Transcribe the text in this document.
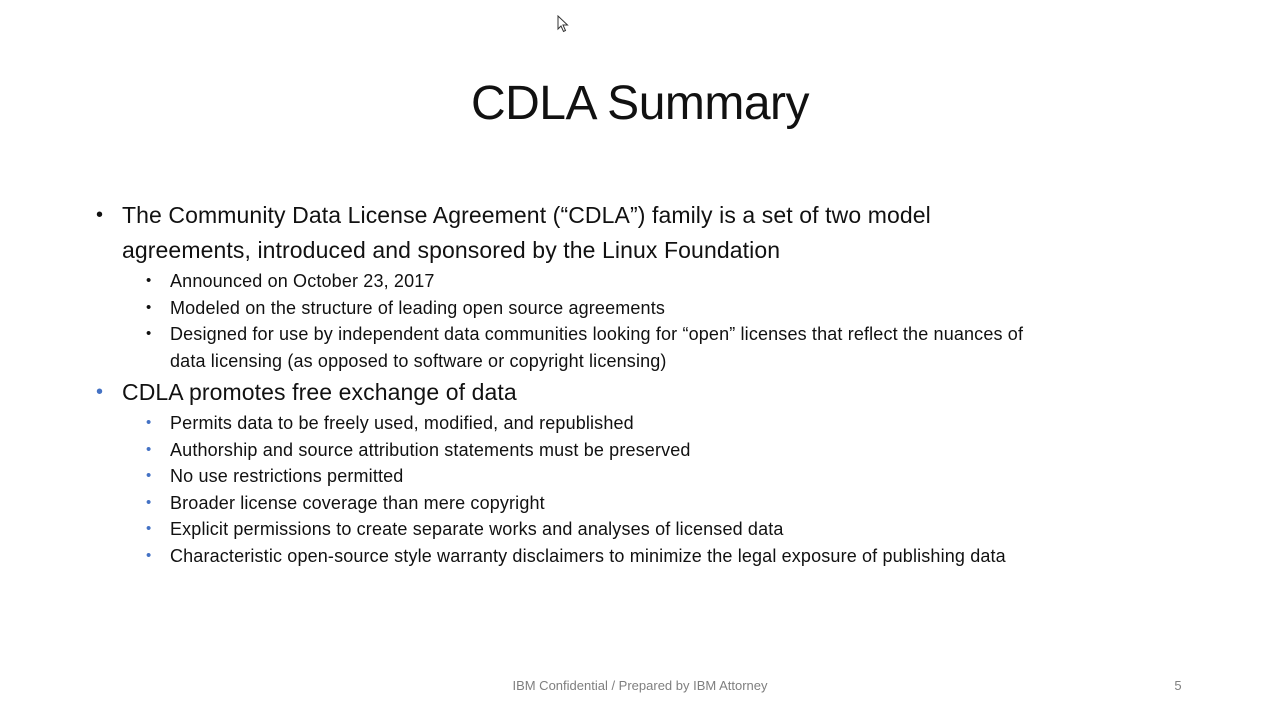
CDLA Summary
• The Community Data License Agreement (“CDLA”) family is a set of two model
agreements, introduced and sponsored by the Linux Foundation
• Announced on October 23, 2017
• Modeled on the structure of leading open source agreements
• Designed for use by independent data communities looking for “open” licenses that reflect the nuances of
data licensing (as opposed to software or copyright licensing)
• CDLA promotes free exchange of data
• Permits data to be freely used, modified, and republished
• Authorship and source attribution statements must be preserved
• No use restrictions permitted
• Broader license coverage than mere copyright
• Explicit permissions to create separate works and analyses of licensed data
• Characteristic open-source style warranty disclaimers to minimize the legal exposure of publishing data
IBM Confidential / Prepared by IBM Attorney	5
